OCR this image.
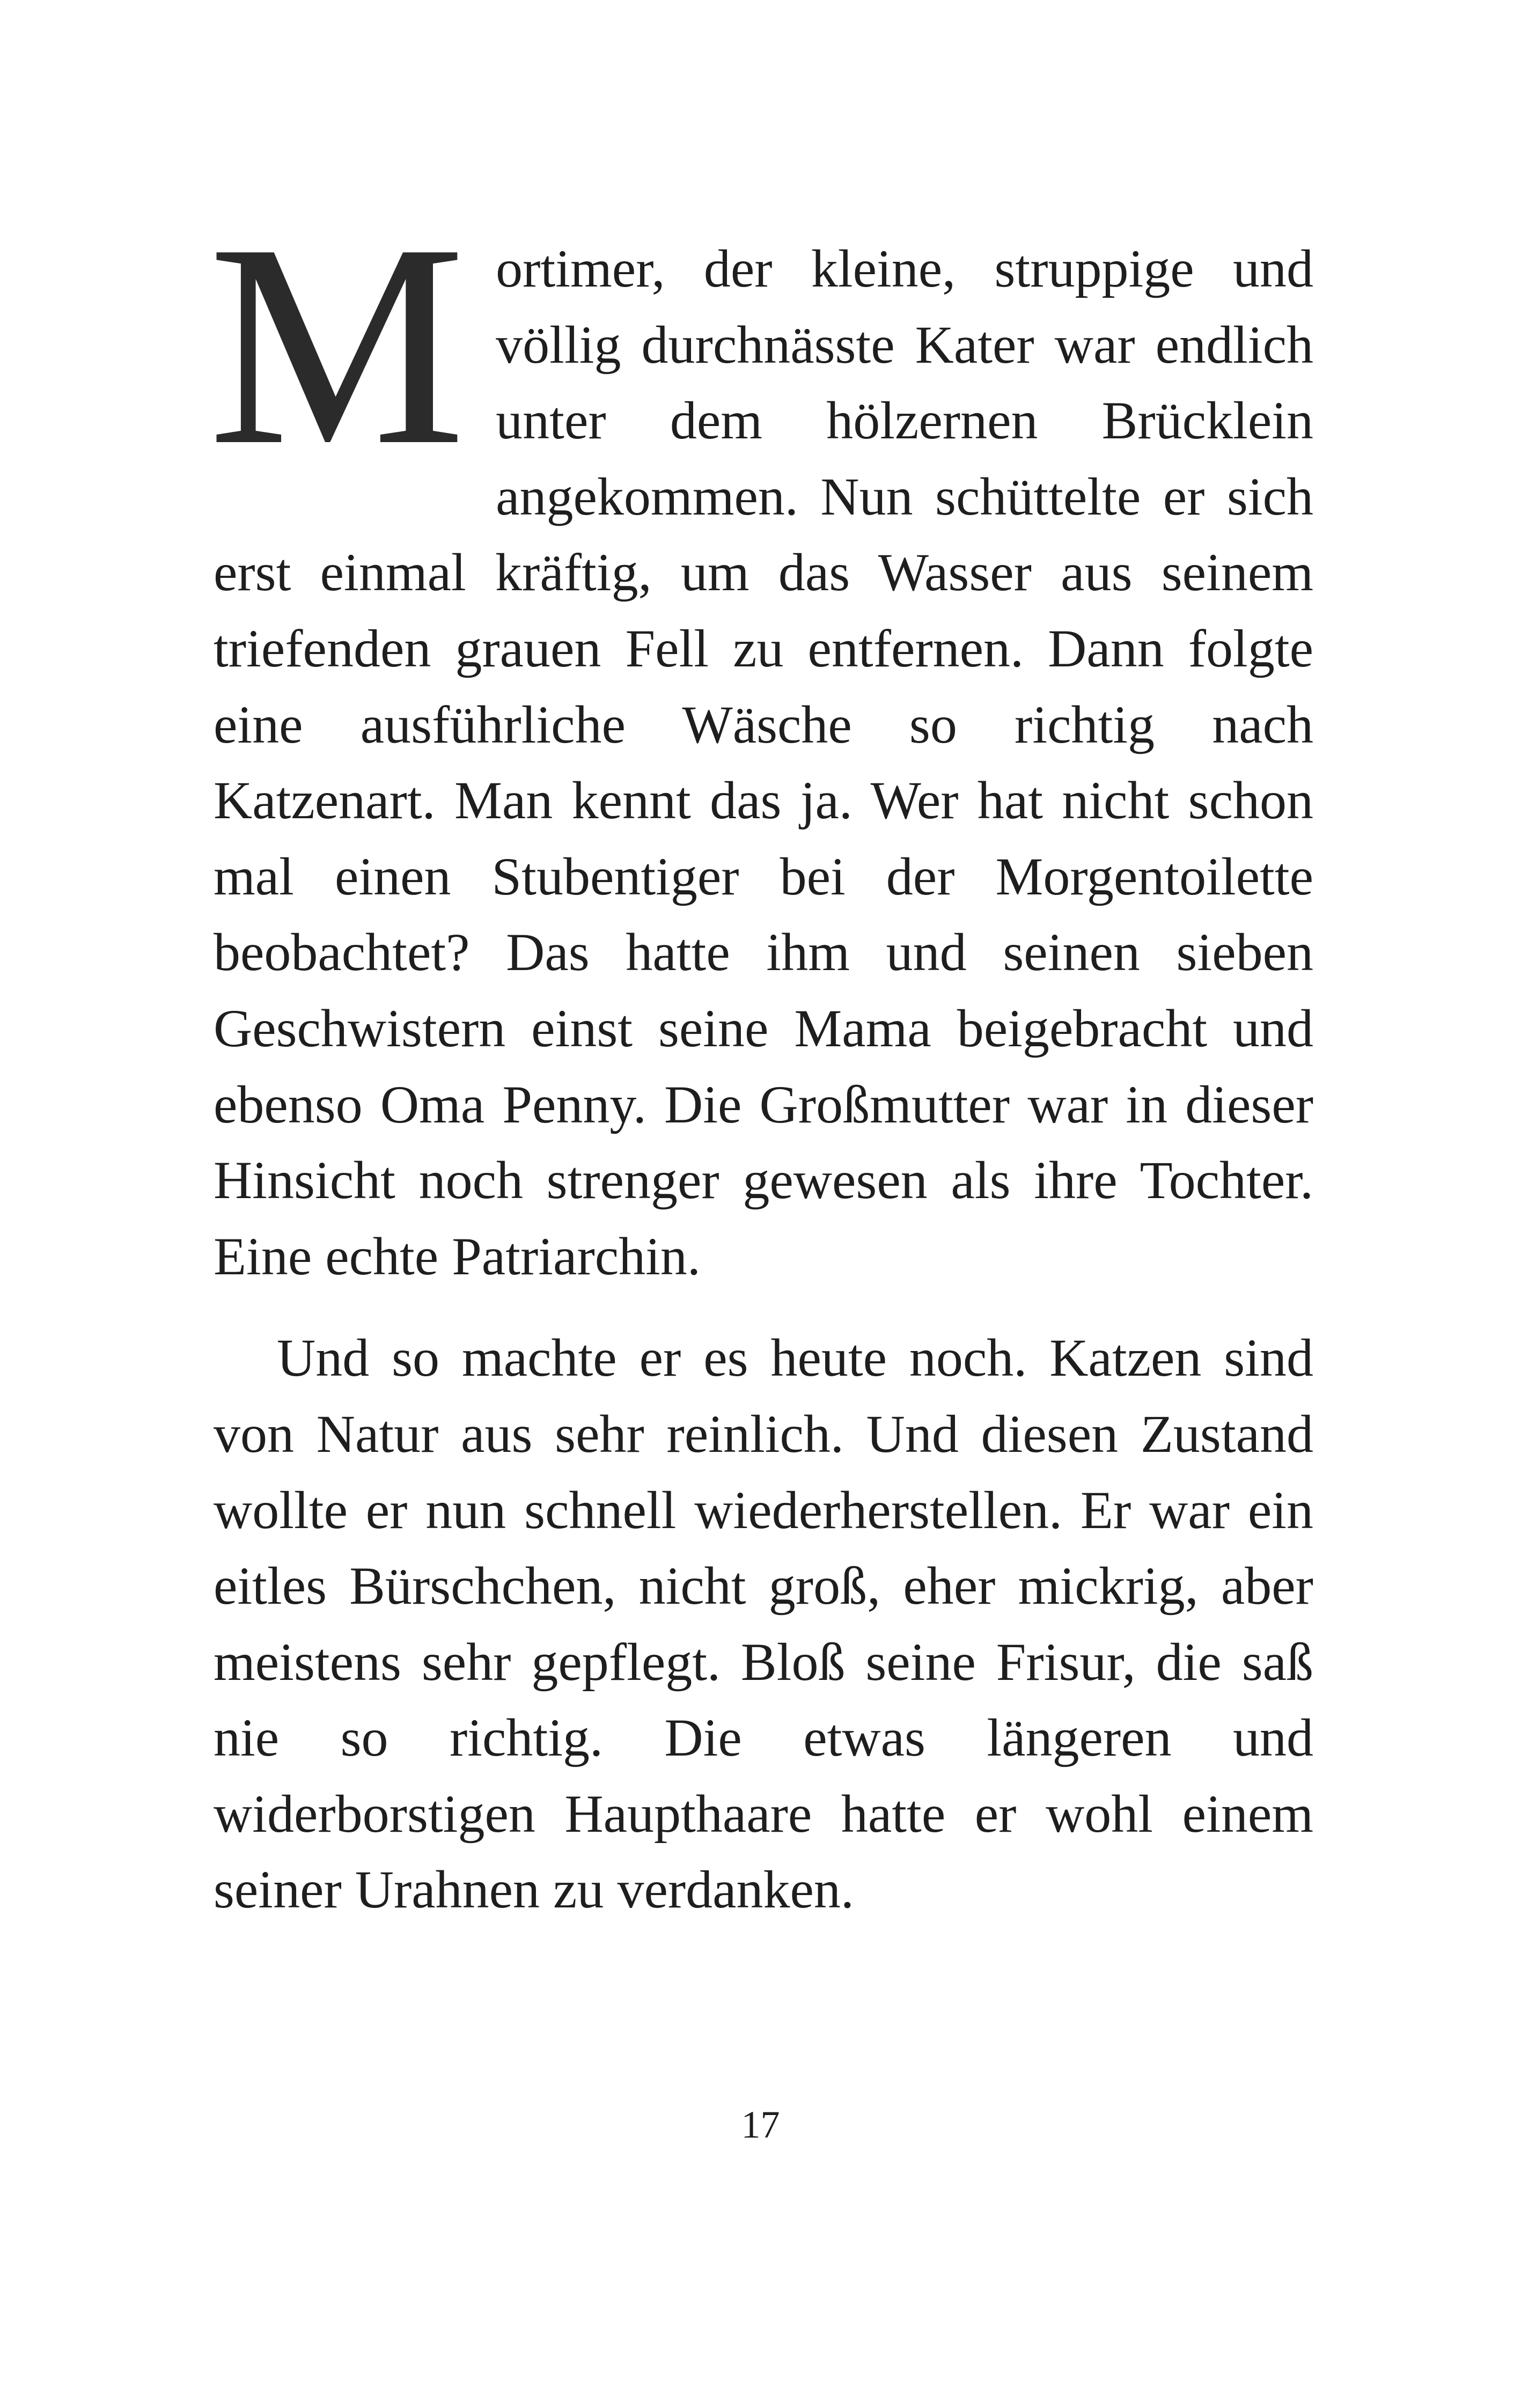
M ortimer, der kleine, struppige und völlig durchnässte Kater war endlich unter dem hölzernen Brücklein angekommen. Nun schüttelte er sich erst einmal kräftig, um das Wasser aus seinem triefenden grauen Fell zu entfernen. Dann folgte eine ausführliche Wäsche so richtig nach Katzenart. Man kennt das ja. Wer hat nicht schon mal einen Stubentiger bei der Morgentoilette beobachtet? Das hatte ihm und seinen sieben Geschwistern einst seine Mama beigebracht und ebenso Oma Penny. Die Großmutter war in dieser Hinsicht noch strenger gewesen als ihre Tochter. Eine echte Patriarchin.

Und so machte er es heute noch. Katzen sind von Natur aus sehr reinlich. Und diesen Zustand wollte er nun schnell wiederherstellen. Er war ein eitles Bürschchen, nicht groß, eher mickrig, aber meistens sehr gepflegt. Bloß seine Frisur, die saß nie so richtig. Die etwas längeren und widerborstigen Haupthaare hatte er wohl einem seiner Urahnen zu verdanken.

17
